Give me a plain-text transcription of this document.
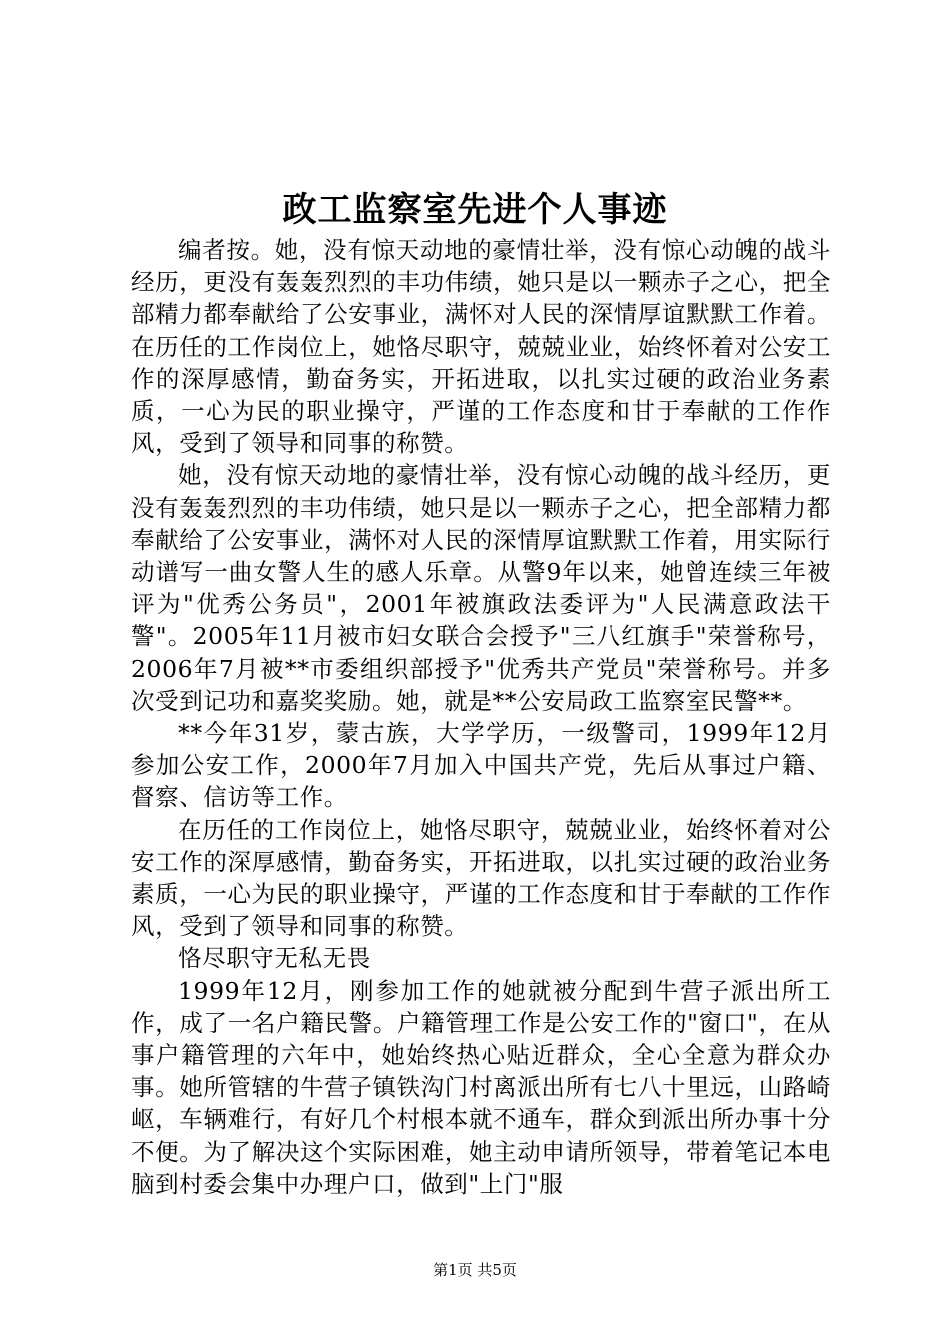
政工监察室先进个人事迹

编者按。她，没有惊天动地的豪情壮举，没有惊心动魄的战斗经历，更没有轰轰烈烈的丰功伟绩，她只是以一颗赤子之心，把全部精力都奉献给了公安事业，满怀对人民的深情厚谊默默工作着。在历任的工作岗位上，她恪尽职守，兢兢业业，始终怀着对公安工作的深厚感情，勤奋务实，开拓进取，以扎实过硬的政治业务素质，一心为民的职业操守，严谨的工作态度和甘于奉献的工作作风，受到了领导和同事的称赞。

她，没有惊天动地的豪情壮举，没有惊心动魄的战斗经历，更没有轰轰烈烈的丰功伟绩，她只是以一颗赤子之心，把全部精力都奉献给了公安事业，满怀对人民的深情厚谊默默工作着，用实际行动谱写一曲女警人生的感人乐章。从警9年以来，她曾连续三年被评为"优秀公务员"，2001年被旗政法委评为"人民满意政法干警"。2005年11月被市妇女联合会授予"三八红旗手"荣誉称号，2006年7月被**市委组织部授予"优秀共产党员"荣誉称号。并多次受到记功和嘉奖奖励。她，就是**公安局政工监察室民警**。

**今年31岁，蒙古族，大学学历，一级警司，1999年12月参加公安工作，2000年7月加入中国共产党，先后从事过户籍、督察、信访等工作。

在历任的工作岗位上，她恪尽职守，兢兢业业，始终怀着对公安工作的深厚感情，勤奋务实，开拓进取，以扎实过硬的政治业务素质，一心为民的职业操守，严谨的工作态度和甘于奉献的工作作风，受到了领导和同事的称赞。

恪尽职守无私无畏

1999年12月，刚参加工作的她就被分配到牛营子派出所工作，成了一名户籍民警。户籍管理工作是公安工作的"窗口"，在从事户籍管理的六年中，她始终热心贴近群众，全心全意为群众办事。她所管辖的牛营子镇铁沟门村离派出所有七八十里远，山路崎岖，车辆难行，有好几个村根本就不通车，群众到派出所办事十分不便。为了解决这个实际困难，她主动申请所领导，带着笔记本电脑到村委会集中办理户口，做到"上门"服

第1页 共5页
